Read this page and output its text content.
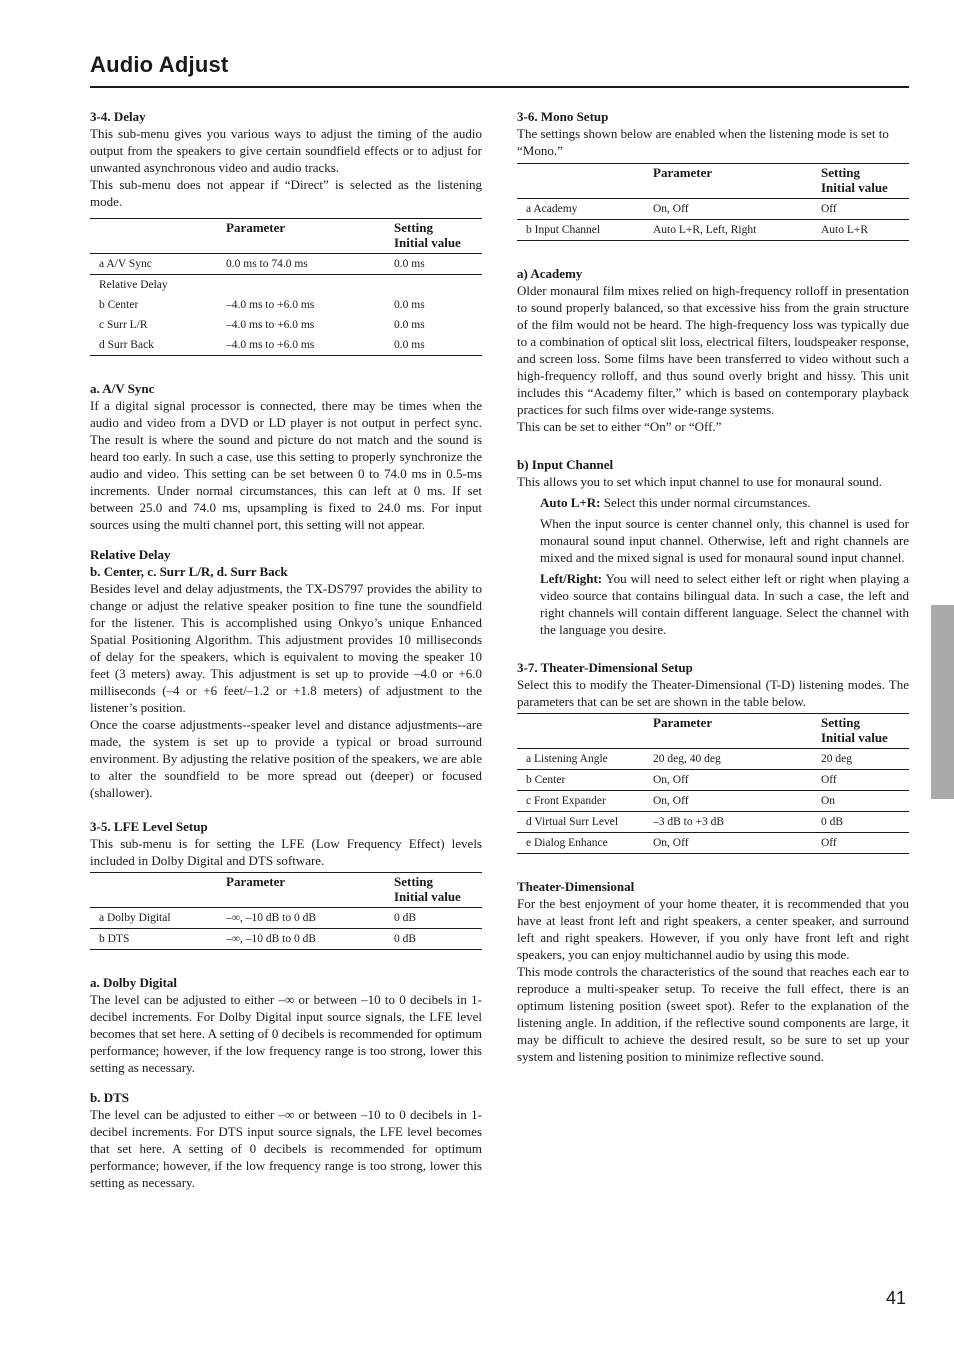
Audio Adjust
3-4. Delay

This sub-menu gives you various ways to adjust the timing of the audio output from the speakers to give certain soundfield effects or to adjust for unwanted asynchronous video and audio tracks.

This sub-menu does not appear if “Direct” is selected as the listening mode.

	Parameter	Setting
Initial value
a A/V Sync	0.0 ms to 74.0 ms	0.0 ms
Relative Delay		
b Center	–4.0 ms to +6.0 ms	0.0 ms
c Surr L/R	–4.0 ms to +6.0 ms	0.0 ms
d Surr Back	–4.0 ms to +6.0 ms	0.0 ms
a. A/V Sync

If a digital signal processor is connected, there may be times when the audio and video from a DVD or LD player is not output in perfect sync. The result is where the sound and picture do not match and the sound is heard too early. In such a case, use this setting to properly synchronize the audio and video. This setting can be set between 0 to 74.0 ms in 0.5-ms increments. Under normal circumstances, this can left at 0 ms. If set between 25.0 and 74.0 ms, upsampling is fixed to 24.0 ms. For input sources using the multi channel port, this setting will not appear.

Relative Delay
b. Center, c. Surr L/R, d. Surr Back

Besides level and delay adjustments, the TX-DS797 provides the ability to change or adjust the relative speaker position to fine tune the soundfield for the listener. This is accomplished using Onkyo’s unique Enhanced Spatial Positioning Algorithm. This adjustment provides 10 milliseconds of delay for the speakers, which is equivalent to moving the speaker 10 feet (3 meters) away. This adjustment is set up to provide –4.0 or +6.0 milliseconds (–4 or +6 feet/–1.2 or +1.8 meters) of adjustment to the listener’s position.

Once the coarse adjustments--speaker level and distance adjustments--are made, the system is set up to provide a typical or broad surround environment. By adjusting the relative position of the speakers, we are able to alter the soundfield to be more spread out (deeper) or focused (shallower).

3-5. LFE Level Setup

This sub-menu is for setting the LFE (Low Frequency Effect) levels included in Dolby Digital and DTS software.

	Parameter	Setting
Initial value
a Dolby Digital	–∞, –10 dB to 0 dB	0 dB
b DTS	–∞, –10 dB to 0 dB	0 dB
a. Dolby Digital

The level can be adjusted to either –∞ or between –10 to 0 decibels in 1-decibel increments. For Dolby Digital input source signals, the LFE level becomes that set here. A setting of 0 decibels is recommended for optimum performance; however, if the low frequency range is too strong, lower this setting as necessary.

b. DTS

The level can be adjusted to either –∞ or between –10 to 0 decibels in 1-decibel increments. For DTS input source signals, the LFE level becomes that set here. A setting of 0 decibels is recommended for optimum performance; however, if the low frequency range is too strong, lower this setting as necessary.

3-6. Mono Setup

The settings shown below are enabled when the listening mode is set to “Mono.”

	Parameter	Setting
Initial value
a Academy	On, Off	Off
b Input Channel	Auto L+R, Left, Right	Auto L+R
a) Academy

Older monaural film mixes relied on high-frequency rolloff in presentation to sound properly balanced, so that excessive hiss from the grain structure of the film would not be heard. The high-frequency loss was typically due to a combination of optical slit loss, electrical filters, loudspeaker response, and screen loss. Some films have been transferred to video without such a high-frequency rolloff, and thus sound overly bright and hissy. This unit includes this “Academy filter,” which is based on contemporary playback practices for such films over wide-range systems.

This can be set to either “On” or “Off.”

b) Input Channel

This allows you to set which input channel to use for monaural sound.

Auto L+R: Select this under normal circumstances.

When the input source is center channel only, this channel is used for monaural sound input channel. Otherwise, left and right channels are mixed and the mixed signal is used for monaural sound input channel.

Left/Right: You will need to select either left or right when playing a video source that contains bilingual data. In such a case, the left and right channels will contain different language. Select the channel with the language you desire.

3-7. Theater-Dimensional Setup

Select this to modify the Theater-Dimensional (T-D) listening modes. The parameters that can be set are shown in the table below.

	Parameter	Setting
Initial value
a Listening Angle	20 deg, 40 deg	20 deg
b Center	On, Off	Off
c Front Expander	On, Off	On
d Virtual Surr Level	–3 dB to +3 dB	0 dB
e Dialog Enhance	On, Off	Off
Theater-Dimensional

For the best enjoyment of your home theater, it is recommended that you have at least front left and right speakers, a center speaker, and surround left and right speakers. However, if you only have front left and right speakers, you can enjoy multichannel audio by using this mode.

This mode controls the characteristics of the sound that reaches each ear to reproduce a multi-speaker setup. To receive the full effect, there is an optimum listening position (sweet spot). Refer to the explanation of the listening angle. In addition, if the reflective sound components are large, it may be difficult to achieve the desired result, so be sure to set up your system and listening position to minimize reflective sound.

41
